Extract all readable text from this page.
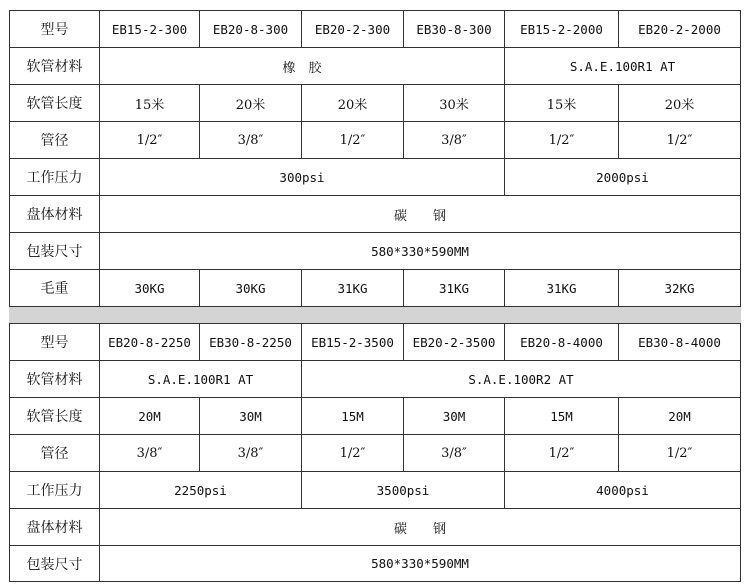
型号	EB15-2-300	EB20-8-300	EB20-2-300	EB30-8-300	EB15-2-2000	EB20-2-2000
软管材料	橡　胶				S.A.E.100R1 AT	
软管长度	15米	20米	20米	30米	15米	20米
管径	1/2″	3/8″	1/2″	3/8″	1/2″	1/2″
工作压力	300psi				2000psi	
盘体材料	碳　　钢					
包装尺寸	580*330*590MM					
毛重	30KG	30KG	31KG	31KG	31KG	32KG

型号	EB20-8-2250	EB30-8-2250	EB15-2-3500	EB20-2-3500	EB20-8-4000	EB30-8-4000
软管材料	S.A.E.100R1 AT		S.A.E.100R2 AT			
软管长度	20M	30M	15M	30M	15M	20M
管径	3/8″	3/8″	1/2″	3/8″	1/2″	1/2″
工作压力	2250psi		3500psi		4000psi	
盘体材料	碳　　钢					
包装尺寸	580*330*590MM					
